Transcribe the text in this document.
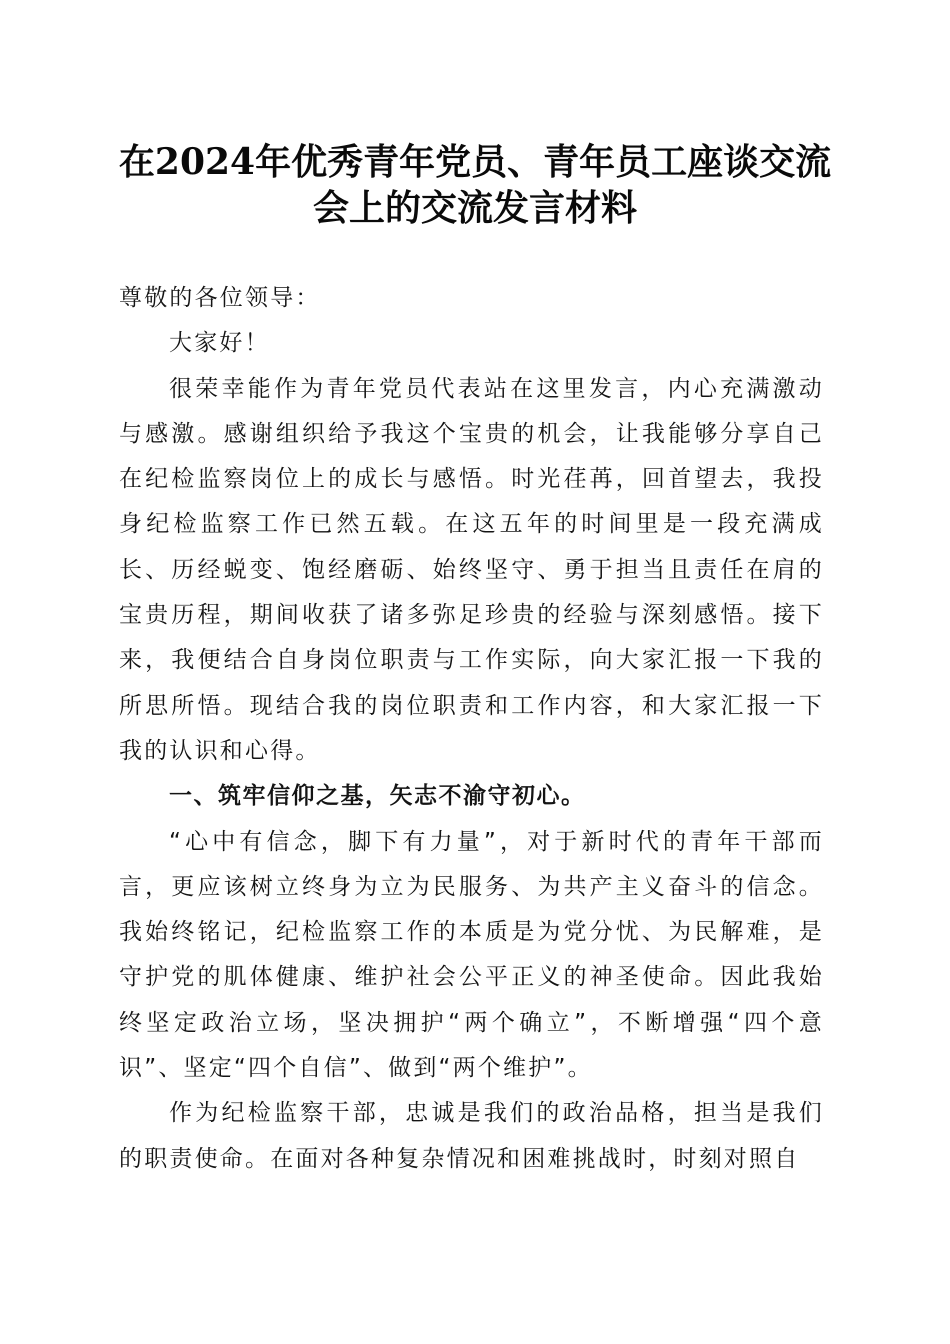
在2024年优秀青年党员、青年员工座谈交流
会上的交流发言材料

尊敬的各位领导：

大家好！

很荣幸能作为青年党员代表站在这里发言，内心充满激动与感激。感谢组织给予我这个宝贵的机会，让我能够分享自己在纪检监察岗位上的成长与感悟。时光荏苒，回首望去，我投身纪检监察工作已然五载。在这五年的时间里是一段充满成长、历经蜕变、饱经磨砺、始终坚守、勇于担当且责任在肩的宝贵历程，期间收获了诸多弥足珍贵的经验与深刻感悟。接下来，我便结合自身岗位职责与工作实际，向大家汇报一下我的所思所悟。现结合我的岗位职责和工作内容，和大家汇报一下我的认识和心得。

一、筑牢信仰之基，矢志不渝守初心。

“心中有信念，脚下有力量”，对于新时代的青年干部而言，更应该树立终身为立为民服务、为共产主义奋斗的信念。我始终铭记，纪检监察工作的本质是为党分忧、为民解难，是守护党的肌体健康、维护社会公平正义的神圣使命。因此我始终坚定政治立场，坚决拥护“两个确立”，不断增强“四个意识”、坚定“四个自信”、做到“两个维护”。

作为纪检监察干部，忠诚是我们的政治品格，担当是我们的职责使命。在面对各种复杂情况和困难挑战时，时刻对照自
